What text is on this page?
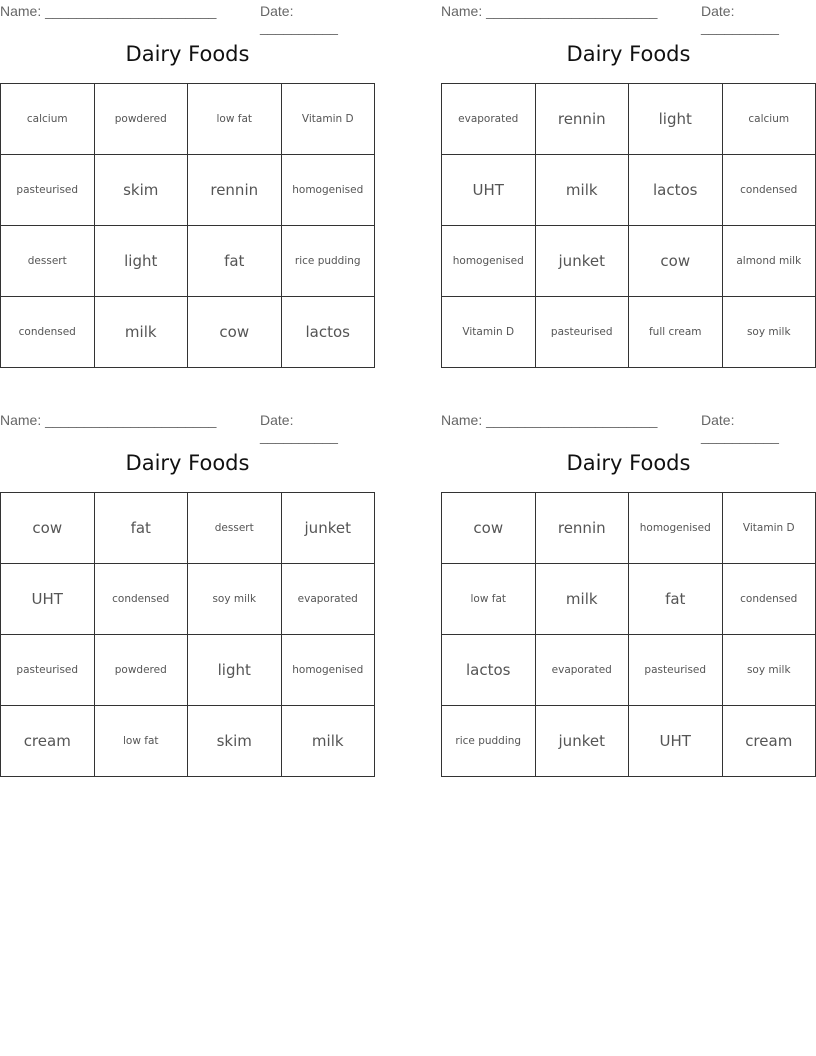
Name: ______________________	Date: __________
Dairy Foods
calcium	powdered	low fat	Vitamin D
pasteurised	skim	rennin	homogenised
dessert	light	fat	rice pudding
condensed	milk	cow	lactos
Name: ______________________	Date: __________
Dairy Foods
evaporated	rennin	light	calcium
UHT	milk	lactos	condensed
homogenised	junket	cow	almond milk
Vitamin D	pasteurised	full cream	soy milk
Name: ______________________	Date: __________
Dairy Foods
cow	fat	dessert	junket
UHT	condensed	soy milk	evaporated
pasteurised	powdered	light	homogenised
cream	low fat	skim	milk
Name: ______________________	Date: __________
Dairy Foods
cow	rennin	homogenised	Vitamin D
low fat	milk	fat	condensed
lactos	evaporated	pasteurised	soy milk
rice pudding	junket	UHT	cream
